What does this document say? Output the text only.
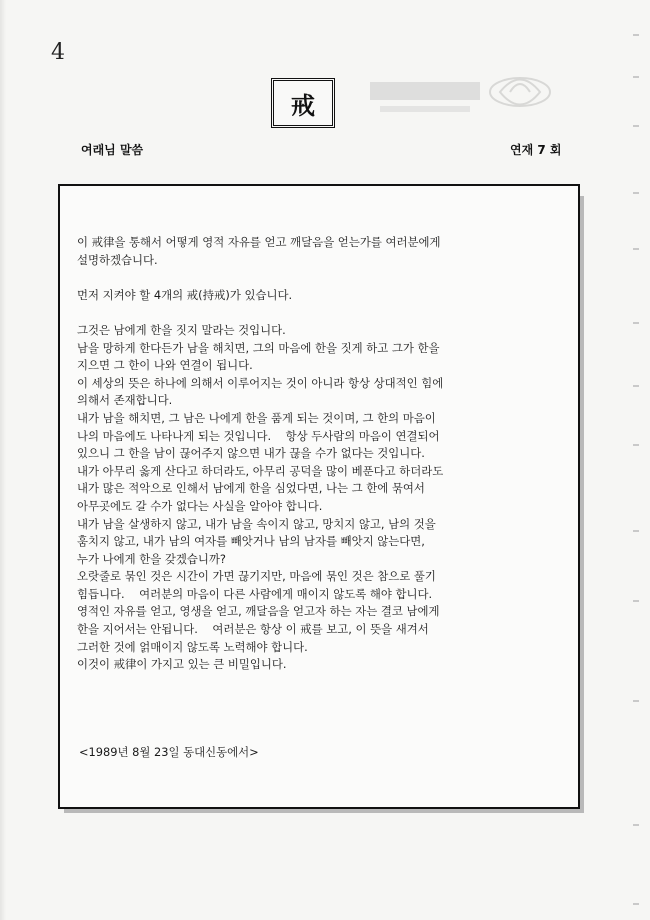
4
戒
여래님 말씀	연재 7 회
이 戒律을 통해서 어떻게 영적 자유를 얻고 깨달음을 얻는가를 여러분에게
설명하겠습니다.
먼저 지켜야 할 4개의 戒(持戒)가 있습니다.
그것은 남에게 한을 짓지 말라는 것입니다.
남을 망하게 한다든가 남을 해치면, 그의 마음에 한을 짓게 하고 그가 한을
지으면 그 한이 나와 연결이 됩니다.
이 세상의 뜻은 하나에 의해서 이루어지는 것이 아니라 항상 상대적인 힘에
의해서 존재합니다.
내가 남을 해치면, 그 남은 나에게 한을 품게 되는 것이며, 그 한의 마음이
나의 마음에도 나타나게 되는 것입니다.    항상 두사람의 마음이 연결되어
있으니 그 한을 남이 끊어주지 않으면 내가 끊을 수가 없다는 것입니다.
내가 아무리 옳게 산다고 하더라도, 아무리 공덕을 많이 베푼다고 하더라도
내가 많은 적악으로 인해서 남에게 한을 심었다면, 나는 그 한에 묶여서
아무곳에도 갈 수가 없다는 사실을 알아야 합니다.
내가 남을 살생하지 않고, 내가 남을 속이지 않고, 망치지 않고, 남의 것을
훔치지 않고, 내가 남의 여자를 빼앗거나 남의 남자를 빼앗지 않는다면,
누가 나에게 한을 갖겠습니까?
오랏줄로 묶인 것은 시간이 가면 끊기지만, 마음에 묶인 것은 참으로 풀기
힘듭니다.    여러분의 마음이 다른 사람에게 매이지 않도록 해야 합니다.
영적인 자유를 얻고, 영생을 얻고, 깨달음을 얻고자 하는 자는 결코 남에게
한을 지어서는 안됩니다.    여러분은 항상 이 戒를 보고, 이 뜻을 새겨서
그러한 것에 얽매이지 않도록 노력해야 합니다.
이것이 戒律이 가지고 있는 큰 비밀입니다.
<1989년 8월 23일 동대신동에서>
